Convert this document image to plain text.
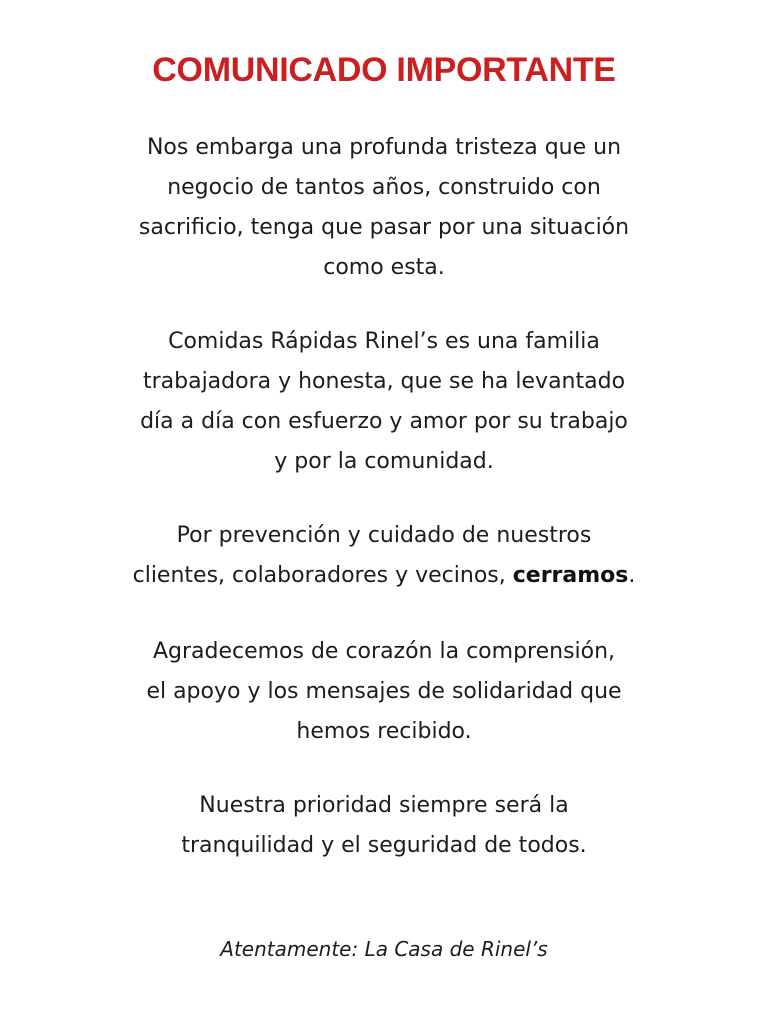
COMUNICADO IMPORTANTE
Nos embarga una profunda tristeza que un
negocio de tantos años, construido con
sacrificio, tenga que pasar por una situación
como esta.
Comidas Rápidas Rinel’s es una familia
trabajadora y honesta, que se ha levantado
día a día con esfuerzo y amor por su trabajo
y por la comunidad.
Por prevención y cuidado de nuestros
clientes, colaboradores y vecinos, cerramos.
Agradecemos de corazón la comprensión,
el apoyo y los mensajes de solidaridad que
hemos recibido.
Nuestra prioridad siempre será la
tranquilidad y el seguridad de todos.
Atentamente: La Casa de Rinel’s
